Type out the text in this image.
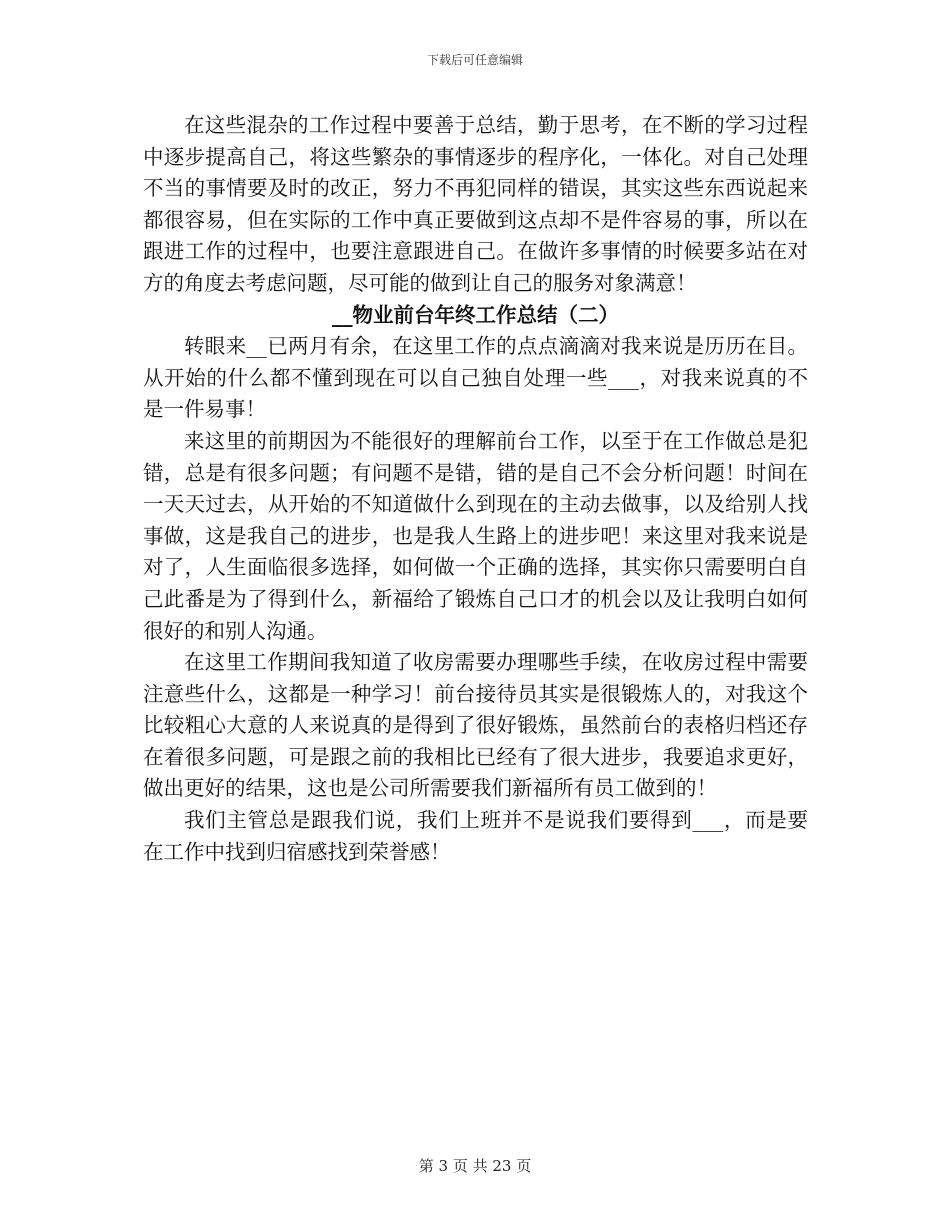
下载后可任意编辑

在这些混杂的工作过程中要善于总结，勤于思考，在不断的学习过程中逐步提高自己，将这些繁杂的事情逐步的程序化，一体化。对自己处理不当的事情要及时的改正，努力不再犯同样的错误，其实这些东西说起来都很容易，但在实际的工作中真正要做到这点却不是件容易的事，所以在跟进工作的过程中，也要注意跟进自己。在做许多事情的时候要多站在对方的角度去考虑问题，尽可能的做到让自己的服务对象满意！

__物业前台年终工作总结（二）

转眼来__已两月有余，在这里工作的点点滴滴对我来说是历历在目。从开始的什么都不懂到现在可以自己独自处理一些___，对我来说真的不是一件易事！

来这里的前期因为不能很好的理解前台工作，以至于在工作做总是犯错，总是有很多问题；有问题不是错，错的是自己不会分析问题！时间在一天天过去，从开始的不知道做什么到现在的主动去做事，以及给别人找事做，这是我自己的进步，也是我人生路上的进步吧！来这里对我来说是对了，人生面临很多选择，如何做一个正确的选择，其实你只需要明白自己此番是为了得到什么，新福给了锻炼自己口才的机会以及让我明白如何很好的和别人沟通。

在这里工作期间我知道了收房需要办理哪些手续，在收房过程中需要注意些什么，这都是一种学习！前台接待员其实是很锻炼人的，对我这个比较粗心大意的人来说真的是得到了很好锻炼，虽然前台的表格归档还存在着很多问题，可是跟之前的我相比已经有了很大进步，我要追求更好，做出更好的结果，这也是公司所需要我们新福所有员工做到的！

我们主管总是跟我们说，我们上班并不是说我们要得到___，而是要在工作中找到归宿感找到荣誉感！

第 3 页 共 23 页
